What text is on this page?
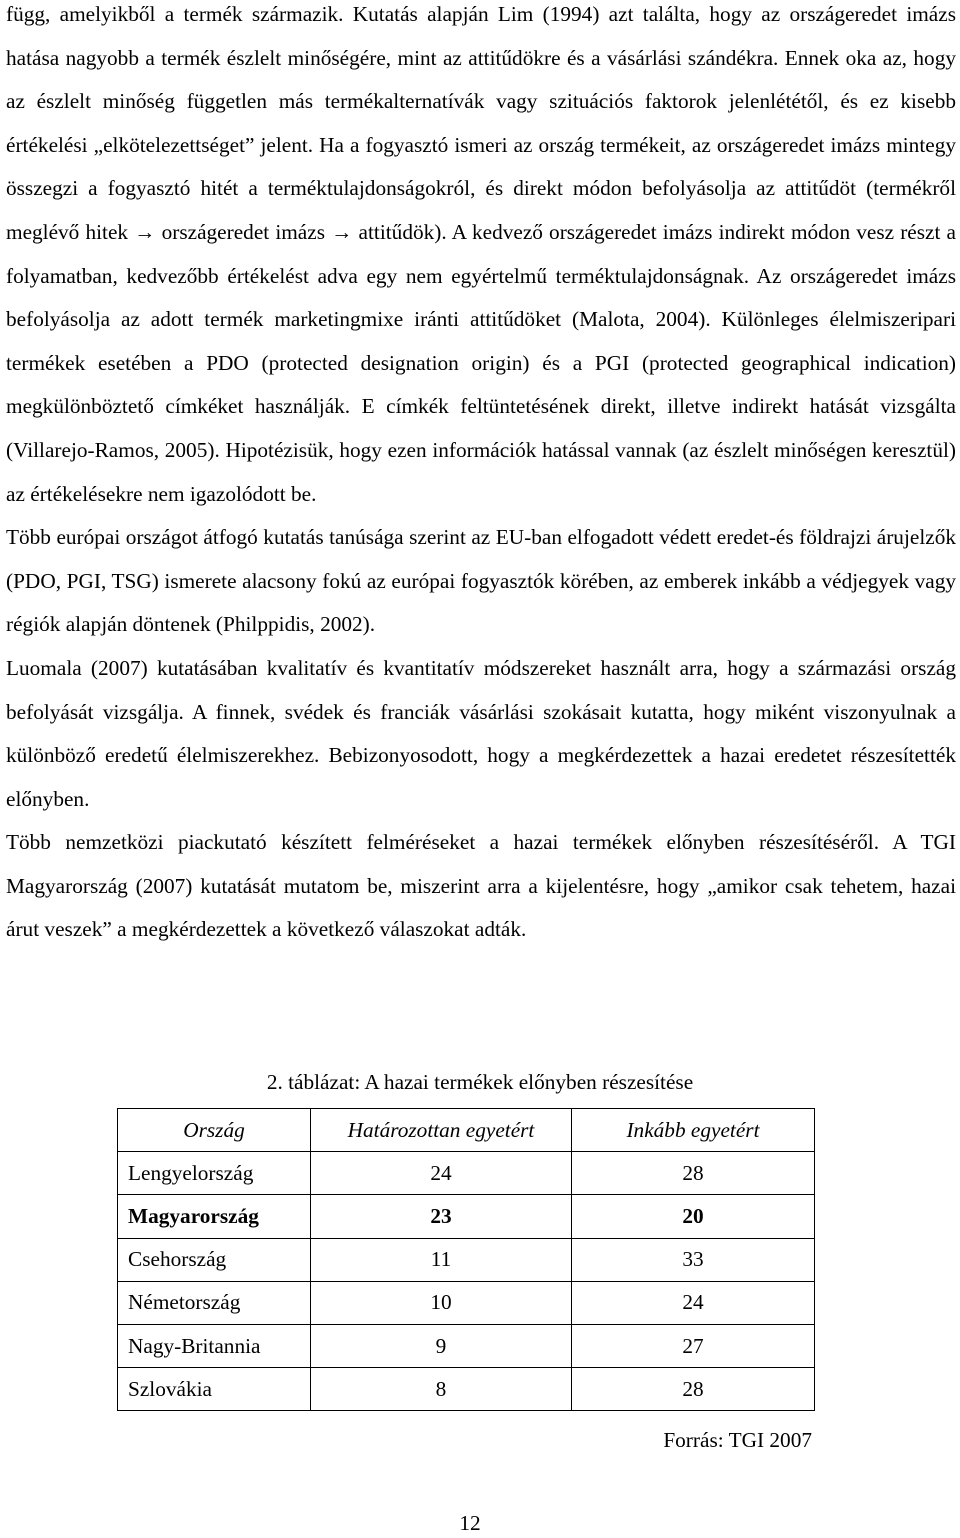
függ, amelyikből a termék származik. Kutatás alapján Lim (1994) azt találta, hogy az országeredet imázs hatása nagyobb a termék észlelt minőségére, mint az attitűdökre és a vásárlási szándékra. Ennek oka az, hogy az észlelt minőség független más termékalternatívák vagy szituációs faktorok jelenlététől, és ez kisebb értékelési „elkötelezettséget” jelent. Ha a fogyasztó ismeri az ország termékeit, az országeredet imázs mintegy összegzi a fogyasztó hitét a terméktulajdonságokról, és direkt módon befolyásolja az attitűdöt (termékről meglévő hitek → országeredet imázs → attitűdök). A kedvező országeredet imázs indirekt módon vesz részt a folyamatban, kedvezőbb értékelést adva egy nem egyértelmű terméktulajdonságnak. Az országeredet imázs befolyásolja az adott termék marketingmixe iránti attitűdöket (Malota, 2004). Különleges élelmiszeripari termékek esetében a PDO (protected designation origin) és a PGI (protected geographical indication) megkülönböztető címkéket használják. E címkék feltüntetésének direkt, illetve indirekt hatását vizsgálta (Villarejo-Ramos, 2005). Hipotézisük, hogy ezen információk hatással vannak (az észlelt minőségen keresztül) az értékelésekre nem igazolódott be.

Több európai országot átfogó kutatás tanúsága szerint az EU-ban elfogadott védett eredet-és földrajzi árujelzők (PDO, PGI, TSG) ismerete alacsony fokú az európai fogyasztók körében, az emberek inkább a védjegyek vagy régiók alapján döntenek (Philppidis, 2002).

Luomala (2007) kutatásában kvalitatív és kvantitatív módszereket használt arra, hogy a származási ország befolyását vizsgálja. A finnek, svédek és franciák vásárlási szokásait kutatta, hogy miként viszonyulnak a különböző eredetű élelmiszerekhez. Bebizonyosodott, hogy a megkérdezettek a hazai eredetet részesítették előnyben.

Több nemzetközi piackutató készített felméréseket a hazai termékek előnyben részesítéséről. A TGI Magyarország (2007) kutatását mutatom be, miszerint arra a kijelentésre, hogy „amikor csak tehetem, hazai árut veszek” a megkérdezettek a következő válaszokat adták.

2. táblázat: A hazai termékek előnyben részesítése
Ország	Határozottan egyetért	Inkább egyetért
Lengyelország	24	28
Magyarország	23	20
Csehország	11	33
Németország	10	24
Nagy-Britannia	9	27
Szlovákia	8	28
Forrás: TGI 2007
12
